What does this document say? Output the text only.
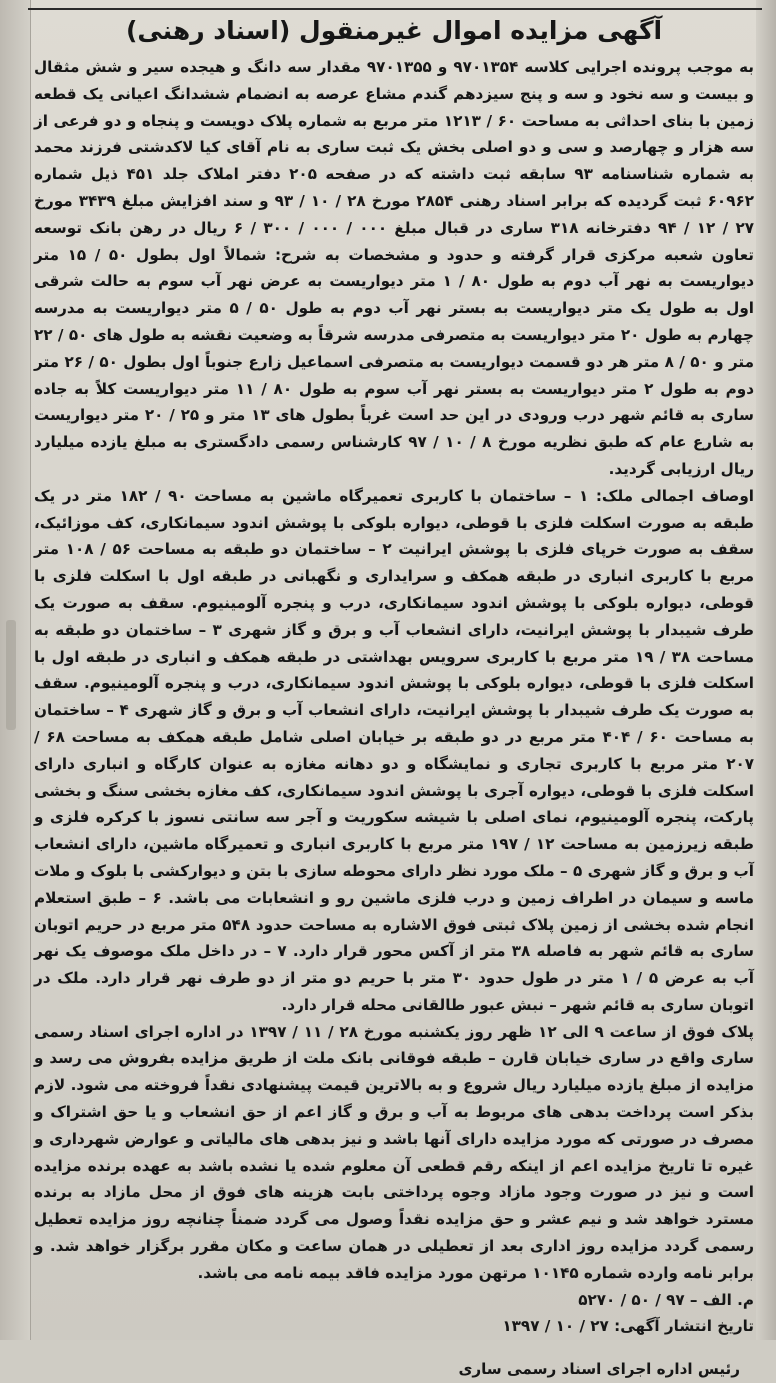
آگهی مزایده اموال غیرمنقول (اسناد رهنی)

به موجب پرونده اجرایی کلاسه ۹۷۰۱۳۵۴ و ۹۷۰۱۳۵۵ مقدار سه دانگ و هیجده سیر و شش مثقال و بیست و سه نخود و سه و پنج سیزدهم گندم مشاع عرصه به انضمام ششدانگ اعیانی یک قطعه زمین با بنای احداثی به مساحت ۶۰ / ۱۲۱۳ متر مربع به شماره پلاک دویست و پنجاه و دو فرعی از سه هزار و چهارصد و سی و دو اصلی بخش یک ثبت ساری به نام آقای کیا لاکدشتی فرزند محمد به شماره شناسنامه ۹۳ سابقه ثبت داشته که در صفحه ۲۰۵ دفتر املاک جلد ۴۵۱ ذیل شماره ۶۰۹۶۲ ثبت گردیده که برابر اسناد رهنی ۲۸۵۴ مورخ ۲۸ / ۱۰ / ۹۳ و سند افزایش مبلغ ۳۴۳۹ مورخ ۲۷ / ۱۲ / ۹۴ دفترخانه ۳۱۸ ساری در قبال مبلغ ۰۰۰ / ۰۰۰ / ۳۰۰ / ۶ ریال در رهن بانک توسعه تعاون شعبه مرکزی قرار گرفته و حدود و مشخصات به شرح: شمالاً اول بطول ۵۰ / ۱۵ متر دیواریست به نهر آب دوم به طول ۸۰ / ۱ متر دیواریست به عرض نهر آب سوم به حالت شرقی اول به طول یک متر دیواریست به بستر نهر آب دوم به طول ۵۰ / ۵ متر دیواریست به مدرسه چهارم به طول ۲۰ متر دیواریست به متصرفی مدرسه شرقاً به وضعیت نقشه به طول های ۵۰ / ۲۲ متر و ۵۰ / ۸ متر هر دو قسمت دیواریست به متصرفی اسماعیل زارع جنوباً اول بطول ۵۰ / ۲۶ متر دوم به طول ۲ متر دیواریست به بستر نهر آب سوم به طول ۸۰ / ۱۱ متر دیواریست کلاً به جاده ساری به قائم شهر درب ورودی در این حد است غرباً بطول های ۱۳ متر و ۲۵ / ۲۰ متر دیواریست به شارع عام که طبق نظریه مورخ ۸ / ۱۰ / ۹۷ کارشناس رسمی دادگستری به مبلغ یازده میلیارد ریال ارزیابی گردید.

اوصاف اجمالی ملک: ۱ – ساختمان با کاربری تعمیرگاه ماشین به مساحت ۹۰ / ۱۸۲ متر در یک طبقه به صورت اسکلت فلزی با قوطی، دیواره بلوکی با پوشش اندود سیمانکاری، کف موزائیک، سقف به صورت خرپای فلزی با پوشش ایرانیت ۲ – ساختمان دو طبقه به مساحت ۵۶ / ۱۰۸ متر مربع با کاربری انباری در طبقه همکف و سرایداری و نگهبانی در طبقه اول با اسکلت فلزی با قوطی، دیواره بلوکی با پوشش اندود سیمانکاری، درب و پنجره آلومینیوم. سقف به صورت یک طرف شیبدار با پوشش ایرانیت، دارای انشعاب آب و برق و گاز شهری ۳ – ساختمان دو طبقه به مساحت ۳۸ / ۱۹ متر مربع با کاربری سرویس بهداشتی در طبقه همکف و انباری در طبقه اول با اسکلت فلزی با قوطی، دیواره بلوکی با پوشش اندود سیمانکاری، درب و پنجره آلومینیوم. سقف به صورت یک طرف شیبدار با پوشش ایرانیت، دارای انشعاب آب و برق و گاز شهری ۴ – ساختمان به مساحت ۶۰ / ۴۰۴ متر مربع در دو طبقه بر خیابان اصلی شامل طبقه همکف به مساحت ۶۸ / ۲۰۷ متر مربع با کاربری تجاری و نمایشگاه و دو دهانه مغازه به عنوان کارگاه و انباری دارای اسکلت فلزی با قوطی، دیواره آجری با پوشش اندود سیمانکاری، کف مغازه بخشی سنگ و بخشی پارکت، پنجره آلومینیوم، نمای اصلی با شیشه سکوریت و آجر سه سانتی نسوز با کرکره فلزی و طبقه زیرزمین به مساحت ۱۲ / ۱۹۷ متر مربع با کاربری انباری و تعمیرگاه ماشین، دارای انشعاب آب و برق و گاز شهری ۵ – ملک مورد نظر دارای محوطه سازی با بتن و دیوارکشی با بلوک و ملات ماسه و سیمان در اطراف زمین و درب فلزی ماشین رو و انشعابات می باشد. ۶ – طبق استعلام انجام شده بخشی از زمین پلاک ثبتی فوق الاشاره به مساحت حدود ۵۴۸ متر مربع در حریم اتوبان ساری به قائم شهر به فاصله ۳۸ متر از آکس محور قرار دارد. ۷ – در داخل ملک موصوف یک نهر آب به عرض ۵ / ۱ متر در طول حدود ۳۰ متر با حریم دو متر از دو طرف نهر قرار دارد. ملک در اتوبان ساری به قائم شهر – نبش عبور طالقانی محله قرار دارد.

پلاک فوق از ساعت ۹ الی ۱۲ ظهر روز یکشنبه مورخ ۲۸ / ۱۱ / ۱۳۹۷ در اداره اجرای اسناد رسمی ساری واقع در ساری خیابان قارن – طبقه فوقانی بانک ملت از طریق مزایده بفروش می رسد و مزایده از مبلغ یازده میلیارد ریال شروع و به بالاترین قیمت پیشنهادی نقداً فروخته می شود. لازم بذکر است پرداخت بدهی های مربوط به آب و برق و گاز اعم از حق انشعاب و یا حق اشتراک و مصرف در صورتی که مورد مزایده دارای آنها باشد و نیز بدهی های مالیاتی و عوارض شهرداری و غیره تا تاریخ مزایده اعم از اینکه رقم قطعی آن معلوم شده یا نشده باشد به عهده برنده مزایده است و نیز در صورت وجود مازاد وجوه پرداختی بابت هزینه های فوق از محل مازاد به برنده مسترد خواهد شد و نیم عشر و حق مزایده نقداً وصول می گردد ضمناً چنانچه روز مزایده تعطیل رسمی گردد مزایده روز اداری بعد از تعطیلی در همان ساعت و مکان مقرر برگزار خواهد شد. و برابر نامه وارده شماره ۱۰۱۴۵ مرتهن مورد مزایده فاقد بیمه نامه می باشد.

م. الف – ۹۷ / ۵۰ / ۵۲۷۰

تاریخ انتشار آگهی: ۲۷ / ۱۰ / ۱۳۹۷

رئیس اداره اجرای اسناد رسمی ساری
